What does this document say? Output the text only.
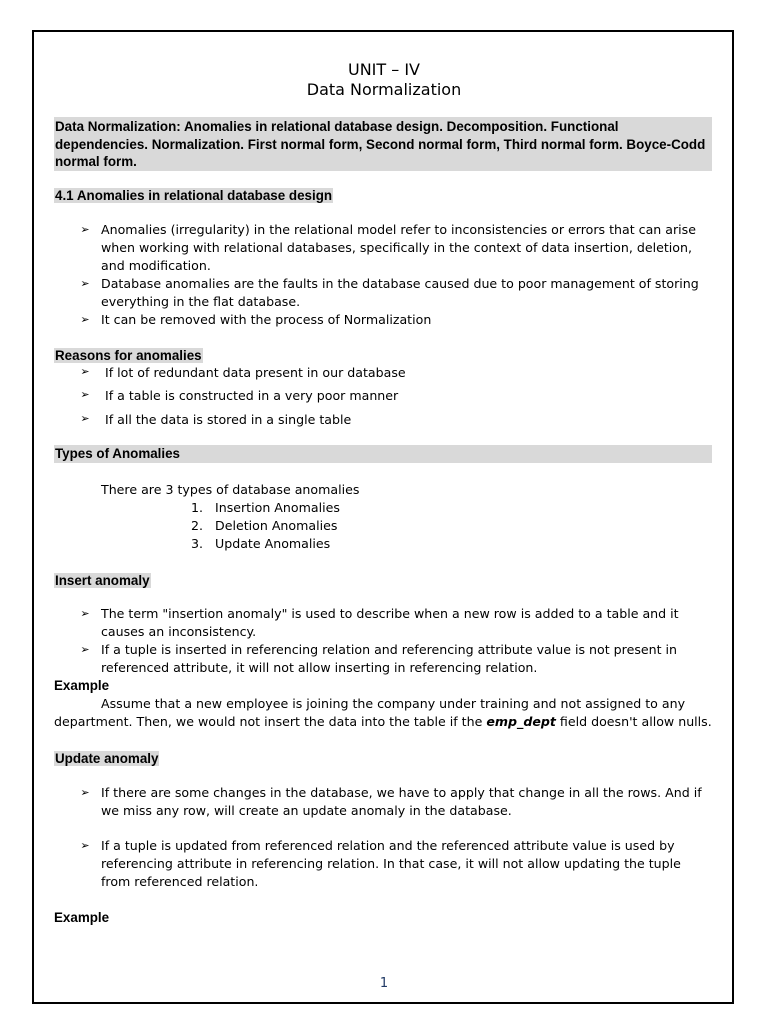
UNIT – IV
Data Normalization
Data Normalization: Anomalies in relational database design. Decomposition. Functional
dependencies. Normalization. First normal form, Second normal form, Third normal form. Boyce-Codd
normal form.
4.1 Anomalies in relational database design
➢ Anomalies (irregularity) in the relational model refer to inconsistencies or errors that can arise
when working with relational databases, specifically in the context of data insertion, deletion,
and modification.
➢ Database anomalies are the faults in the database caused due to poor management of storing
everything in the flat database.
➢ It can be removed with the process of Normalization
Reasons for anomalies
➢ If lot of redundant data present in our database
➢ If a table is constructed in a very poor manner
➢ If all the data is stored in a single table
Types of Anomalies
There are 3 types of database anomalies
1. Insertion Anomalies
2. Deletion Anomalies
3. Update Anomalies
Insert anomaly
➢ The term "insertion anomaly" is used to describe when a new row is added to a table and it
causes an inconsistency.
➢ If a tuple is inserted in referencing relation and referencing attribute value is not present in
referenced attribute, it will not allow inserting in referencing relation.
Example
Assume that a new employee is joining the company under training and not assigned to any
department. Then, we would not insert the data into the table if the emp_dept field doesn't allow nulls.
Update anomaly
➢ If there are some changes in the database, we have to apply that change in all the rows. And if
we miss any row, will create an update anomaly in the database.
➢ If a tuple is updated from referenced relation and the referenced attribute value is used by
referencing attribute in referencing relation. In that case, it will not allow updating the tuple
from referenced relation.
Example
1
